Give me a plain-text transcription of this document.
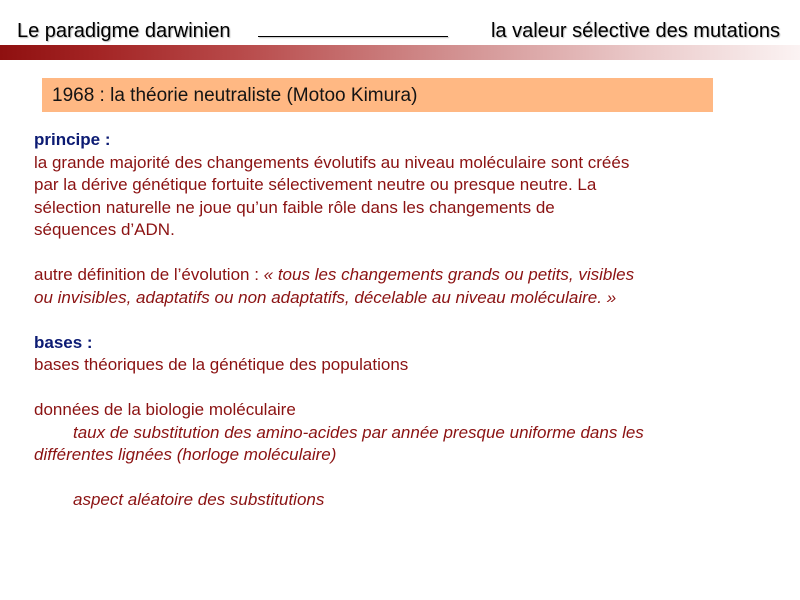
Le paradigme darwinien	la valeur sélective des mutations
1968 : la théorie neutraliste (Motoo Kimura)

principe :

la grande majorité des changements évolutifs au niveau moléculaire sont créés

par la dérive génétique fortuite sélectivement neutre ou presque neutre. La

sélection naturelle ne joue qu’un faible rôle dans les changements de

séquences d’ADN.

autre définition de l’évolution : « tous les changements grands ou petits, visibles

ou invisibles, adaptatifs ou non adaptatifs, décelable au niveau moléculaire. »

bases :

bases théoriques de la génétique des populations

données de la biologie moléculaire

taux de substitution des amino-acides par année presque uniforme dans les

différentes lignées (horloge moléculaire)

aspect aléatoire des substitutions
